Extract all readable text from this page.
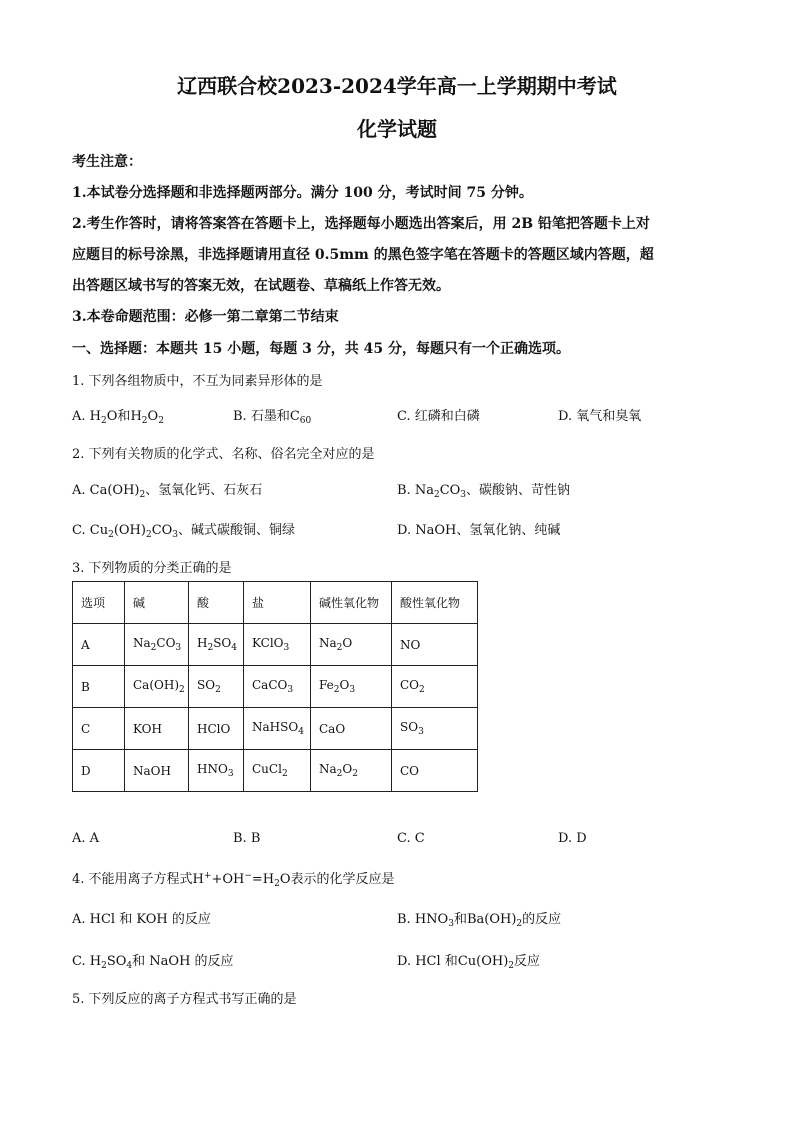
辽西联合校2023-2024学年高一上学期期中考试
化学试题
考生注意：
1.本试卷分选择题和非选择题两部分。满分 100 分，考试时间 75 分钟。
2.考生作答时，请将答案答在答题卡上，选择题每小题选出答案后，用 2B 铅笔把答题卡上对
应题目的标号涂黑，非选择题请用直径 0.5mm 的黑色签字笔在答题卡的答题区域内答题，超
出答题区域书写的答案无效，在试题卷、草稿纸上作答无效。
3.本卷命题范围：必修一第二章第二节结束
一、选择题：本题共 15 小题，每题 3 分，共 45 分，每题只有一个正确选项。
1. 下列各组物质中，不互为同素异形体的是
A. $H_2O$和$H_2O_2$	B. 石墨和$C_{60}$	C. 红磷和白磷	D. 氧气和臭氧
2. 下列有关物质的化学式、名称、俗名完全对应的是
A. $Ca(OH)_2$、氢氧化钙、石灰石	B. $Na_2CO_3$、碳酸钠、苛性钠
C. $Cu_2(OH)_2CO_3$、碱式碳酸铜、铜绿	D. NaOH、氢氧化钠、纯碱
3. 下列物质的分类正确的是
选项	碱	酸	盐	碱性氧化物	酸性氧化物
A	$Na_2CO_3$	$H_2SO_4$	KClO$_3$	$Na_2O$	NO
B	$Ca(OH)_2$	$SO_2$	CaCO$_3$	$Fe_2O_3$	$CO_2$
C	KOH	HClO	NaHSO$_4$	CaO	$SO_3$
D	NaOH	$HNO_3$	CuCl$_2$	$Na_2O_2$	CO
A. A	B. B	C. C	D. D
4. 不能用离子方程式$H^++OH^-=H_2O$表示的化学反应是
A. HCl 和 KOH 的反应	B. $HNO_3$和$Ba(OH)_2$的反应
C. $H_2SO_4$和 NaOH 的反应	D. HCl 和$Cu(OH)_2$反应
5. 下列反应的离子方程式书写正确的是
